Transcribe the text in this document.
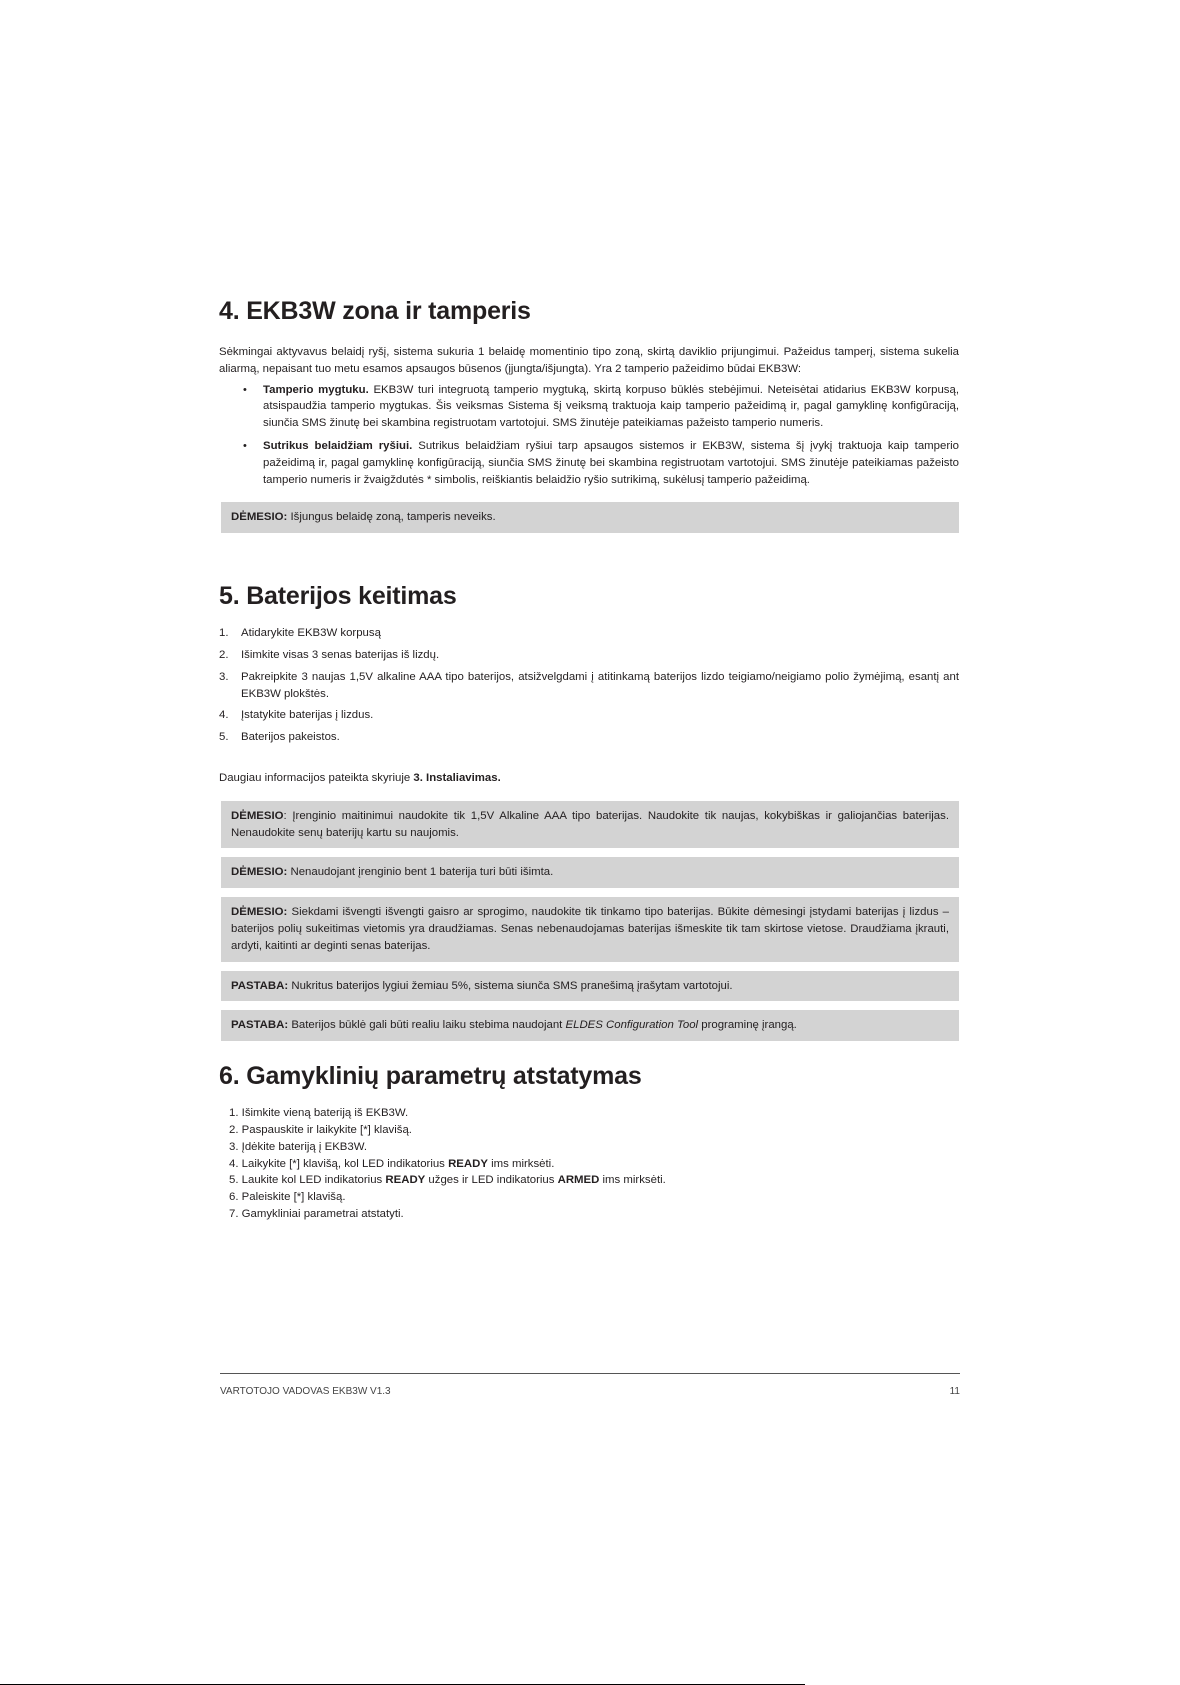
4. EKB3W zona ir tamperis

Sėkmingai aktyvavus belaidį ryšį, sistema sukuria 1 belaidę momentinio tipo zoną, skirtą daviklio prijungimui. Pažeidus tamperį, sistema sukelia aliarmą, nepaisant tuo metu esamos apsaugos būsenos (įjungta/išjungta). Yra 2 tamperio pažeidimo būdai EKB3W:

• Tamperio mygtuku. EKB3W turi integruotą tamperio mygtuką, skirtą korpuso būklės stebėjimui. Neteisėtai atidarius EKB3W korpusą, atsispaudžia tamperio mygtukas. Šis veiksmas Sistema šį veiksmą traktuoja kaip tamperio pažeidimą ir, pagal gamyklinę konfigūraciją, siunčia SMS žinutę bei skambina registruotam vartotojui. SMS žinutėje pateikiamas pažeisto tamperio numeris.
• Sutrikus belaidžiam ryšiui. Sutrikus belaidžiam ryšiui tarp apsaugos sistemos ir EKB3W, sistema šį įvykį traktuoja kaip tamperio pažeidimą ir, pagal gamyklinę konfigūraciją, siunčia SMS žinutę bei skambina registruotam vartotojui. SMS žinutėje pateikiamas pažeisto tamperio numeris ir žvaigždutės * simbolis, reiškiantis belaidžio ryšio sutrikimą, sukėlusį tamperio pažeidimą.
DĖMESIO: Išjungus belaidę zoną, tamperis neveiks.
5. Baterijos keitimas
1. Atidarykite EKB3W korpusą
2. Išimkite visas 3 senas baterijas iš lizdų.
3. Pakreipkite 3 naujas 1,5V alkaline AAA tipo baterijos, atsižvelgdami į atitinkamą baterijos lizdo teigiamo/neigiamo polio žymėjimą, esantį ant EKB3W plokštės.
4. Įstatykite baterijas į lizdus.
5. Baterijos pakeistos.

Daugiau informacijos pateikta skyriuje 3. Instaliavimas.

DĖMESIO: Įrenginio maitinimui naudokite tik 1,5V Alkaline AAA tipo baterijas. Naudokite tik naujas, kokybiškas ir galiojančias baterijas. Nenaudokite senų baterijų kartu su naujomis.
DĖMESIO: Nenaudojant įrenginio bent 1 baterija turi būti išimta.
DĖMESIO: Siekdami išvengti išvengti gaisro ar sprogimo, naudokite tik tinkamo tipo baterijas. Būkite dėmesingi įstydami baterijas į lizdus – baterijos polių sukeitimas vietomis yra draudžiamas. Senas nebenaudojamas baterijas išmeskite tik tam skirtose vietose. Draudžiama įkrauti, ardyti, kaitinti ar deginti senas baterijas.
PASTABA: Nukritus baterijos lygiui žemiau 5%, sistema siunča SMS pranešimą įrašytam vartotojui.
PASTABA: Baterijos būklė gali būti realiu laiku stebima naudojant ELDES Configuration Tool programinę įrangą.
6. Gamyklinių parametrų atstatymas
1. Išimkite vieną bateriją iš EKB3W.
2. Paspauskite ir laikykite [*] klavišą.
3. Įdėkite bateriją į EKB3W.
4. Laikykite [*] klavišą, kol LED indikatorius READY ims mirksėti.
5. Laukite kol LED indikatorius READY užges ir LED indikatorius ARMED ims mirksėti.
6. Paleiskite [*] klavišą.
7. Gamykliniai parametrai atstatyti.
VARTOTOJO VADOVAS EKB3W V1.3	11
